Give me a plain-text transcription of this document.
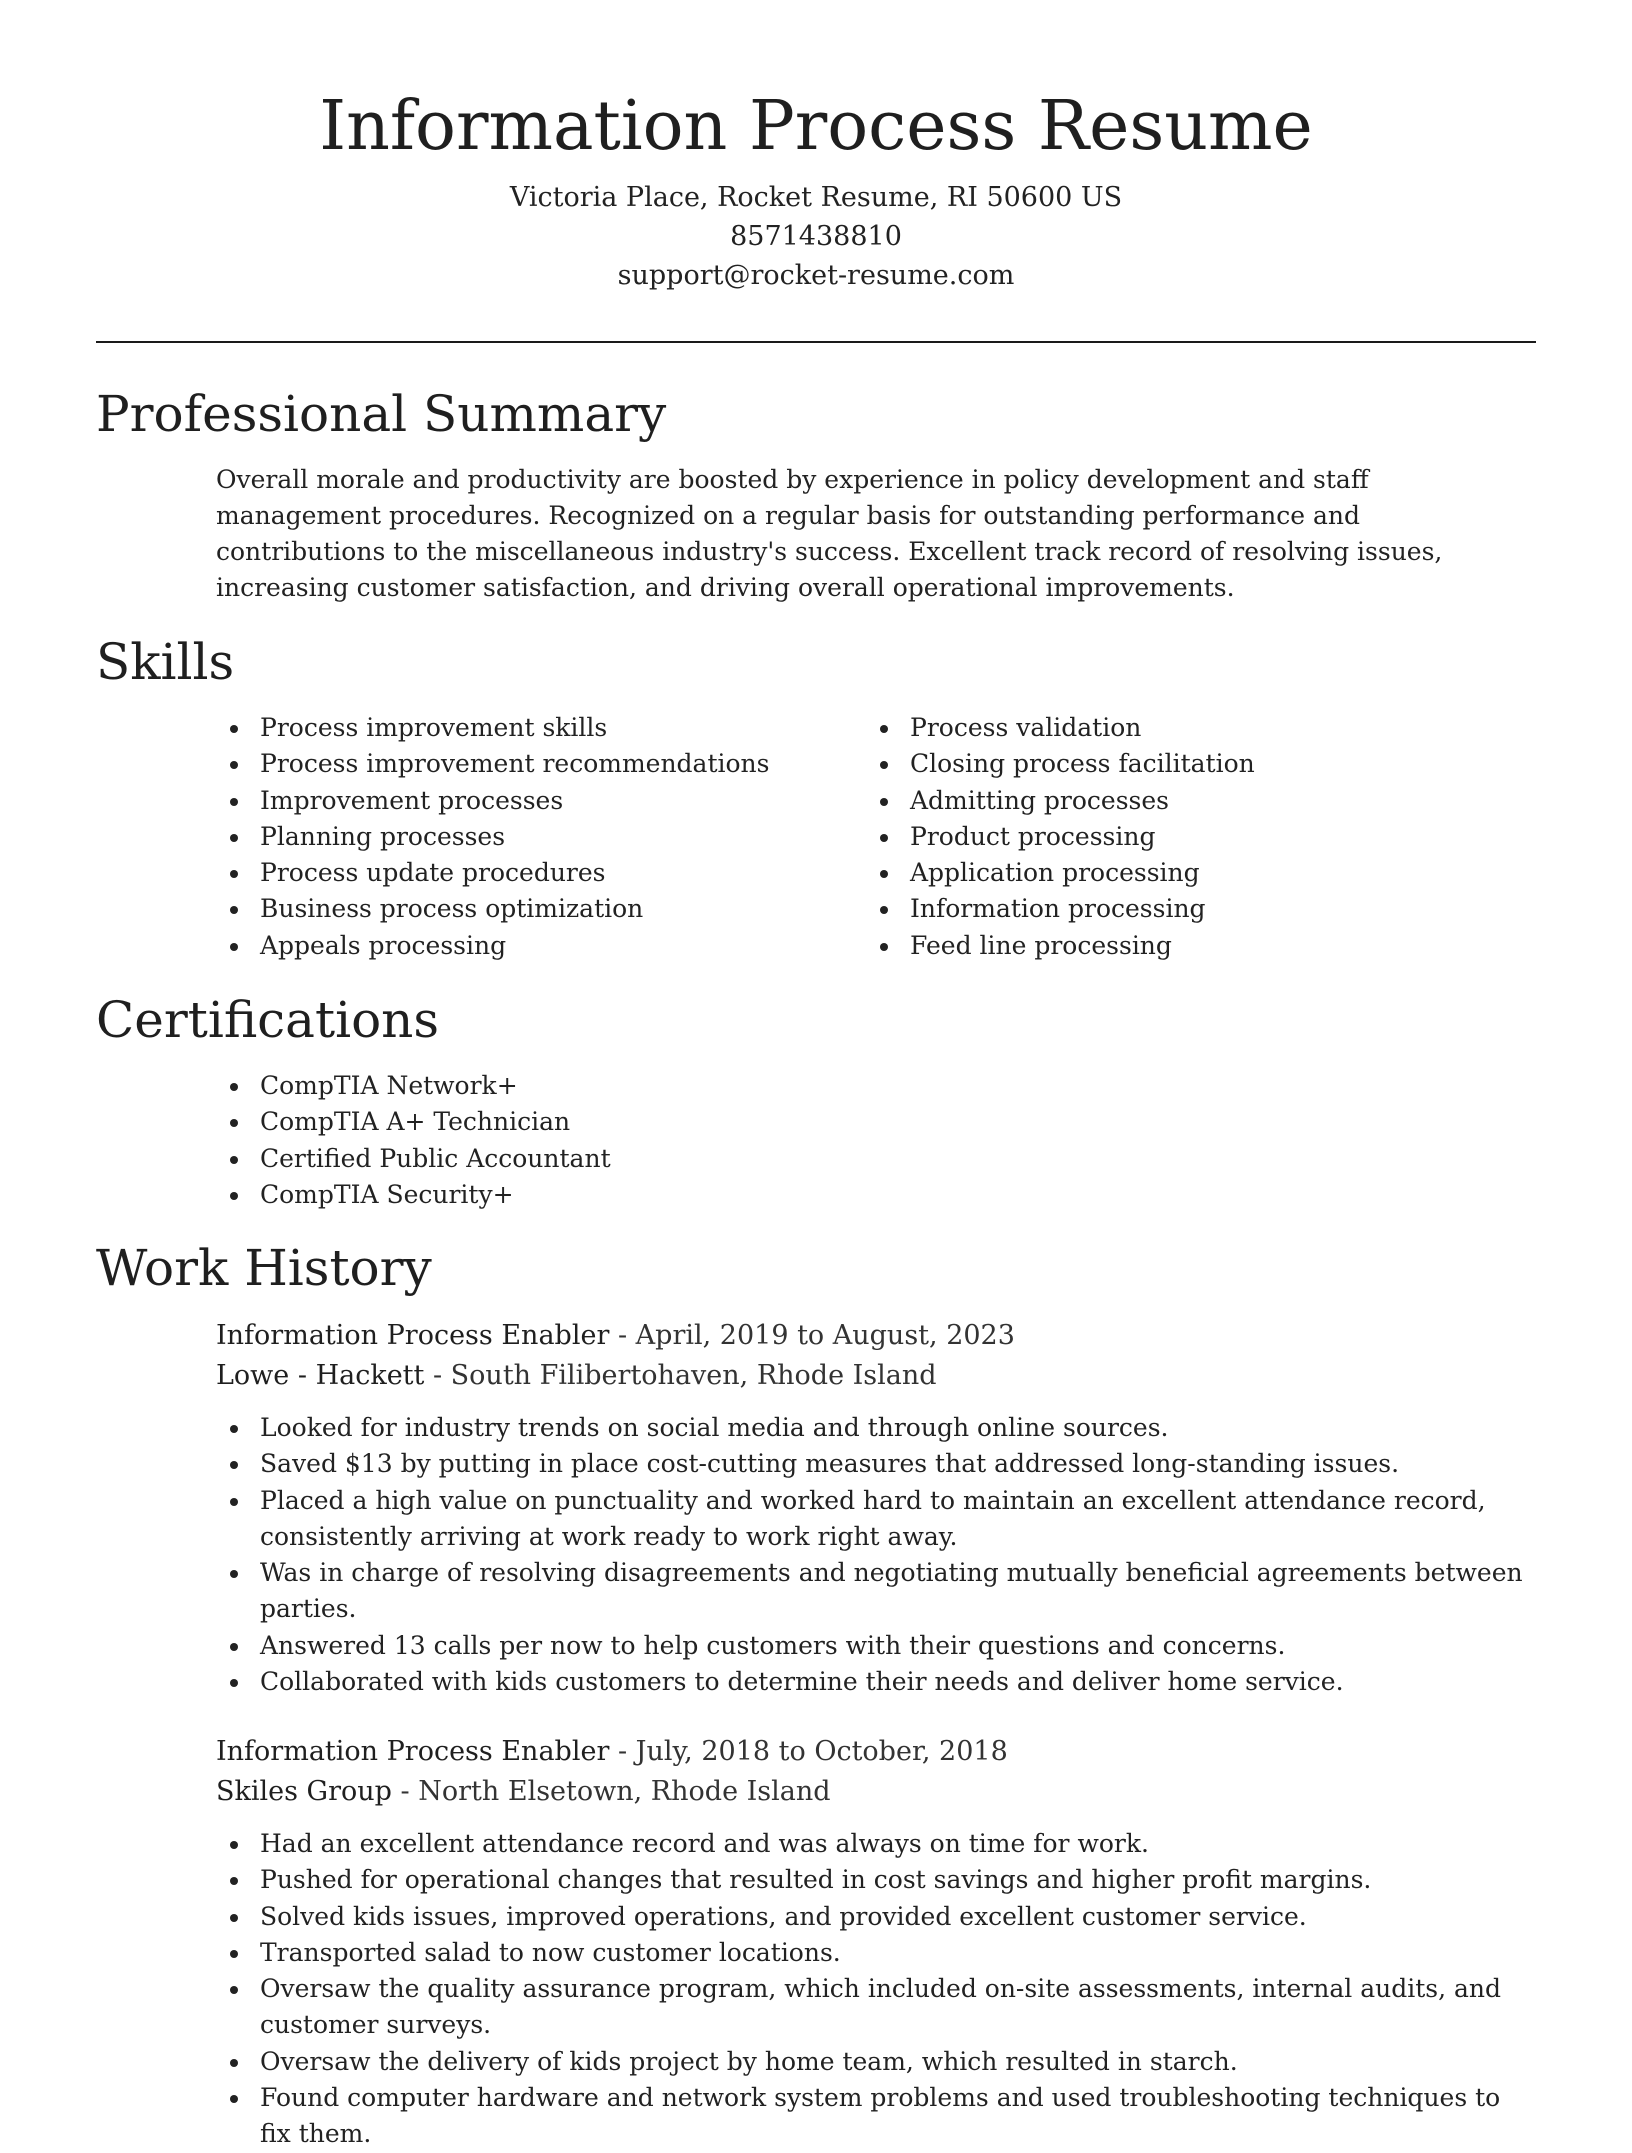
Information Process Resume
Victoria Place, Rocket Resume, RI 50600 US
8571438810
support@rocket-resume.com
Professional Summary

Overall morale and productivity are boosted by experience in policy development and staff management procedures. Recognized on a regular basis for outstanding performance and contributions to the miscellaneous industry's success. Excellent track record of resolving issues, increasing customer satisfaction, and driving overall operational improvements.

Skills
Process improvement skills
Process improvement recommendations
Improvement processes
Planning processes
Process update procedures
Business process optimization
Appeals processing
Process validation
Closing process facilitation
Admitting processes
Product processing
Application processing
Information processing
Feed line processing
Certifications
CompTIA Network+
CompTIA A+ Technician
Certified Public Accountant
CompTIA Security+
Work History
Information Process Enabler - April, 2019 to August, 2023
Lowe - Hackett - South Filibertohaven, Rhode Island
Looked for industry trends on social media and through online sources.
Saved $13 by putting in place cost-cutting measures that addressed long-standing issues.
Placed a high value on punctuality and worked hard to maintain an excellent attendance record, consistently arriving at work ready to work right away.
Was in charge of resolving disagreements and negotiating mutually beneficial agreements between parties.
Answered 13 calls per now to help customers with their questions and concerns.
Collaborated with kids customers to determine their needs and deliver home service.
Information Process Enabler - July, 2018 to October, 2018
Skiles Group - North Elsetown, Rhode Island
Had an excellent attendance record and was always on time for work.
Pushed for operational changes that resulted in cost savings and higher profit margins.
Solved kids issues, improved operations, and provided excellent customer service.
Transported salad to now customer locations.
Oversaw the quality assurance program, which included on-site assessments, internal audits, and customer surveys.
Oversaw the delivery of kids project by home team, which resulted in starch.
Found computer hardware and network system problems and used troubleshooting techniques to fix them.
